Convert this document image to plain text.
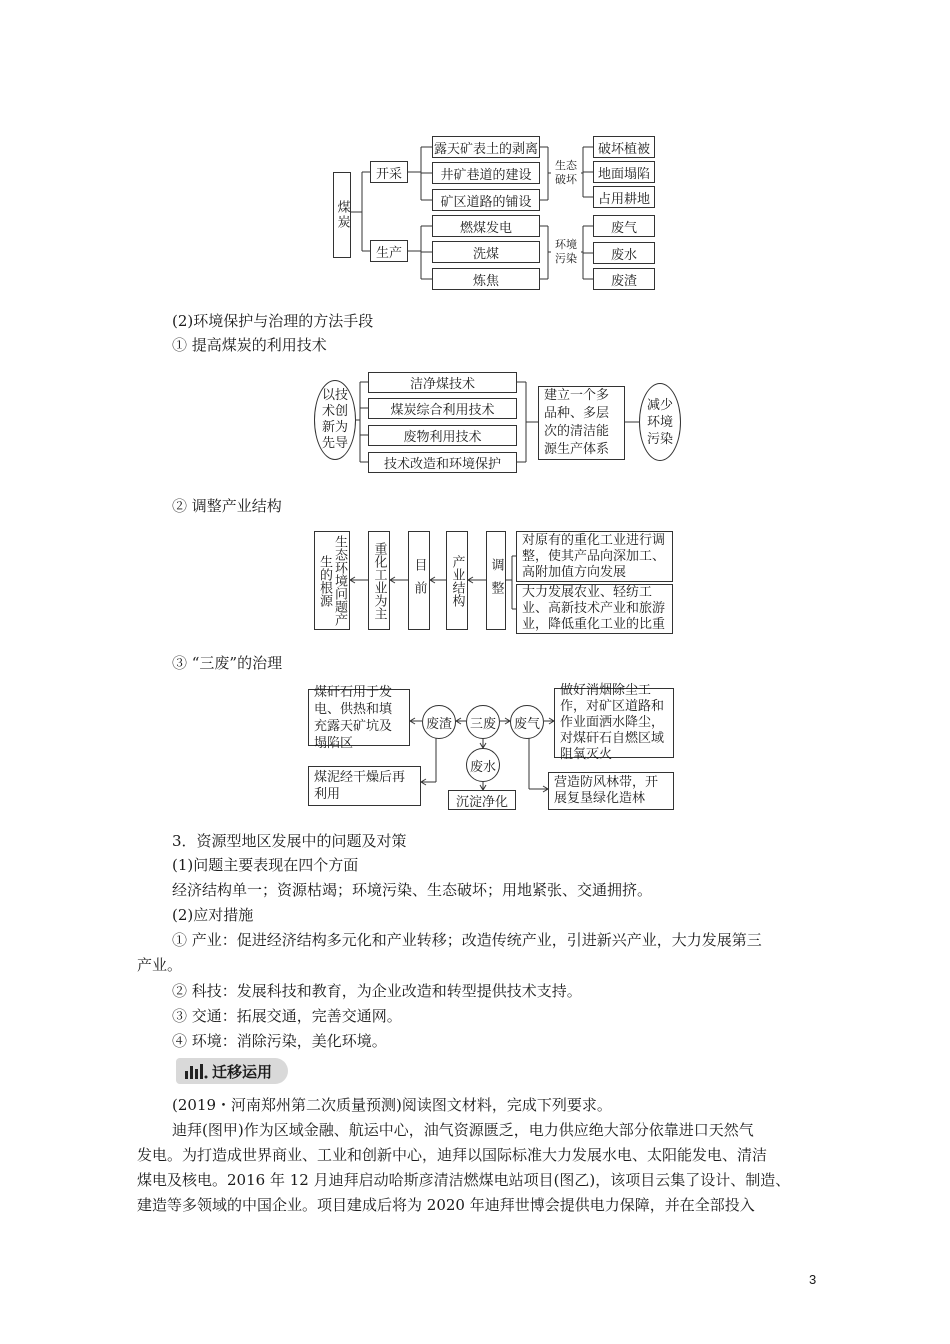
煤炭
开采
生产
露天矿表土的剥离
井矿巷道的建设
矿区道路的铺设
燃煤发电
洗煤
炼焦
生态破坏
环境污染
破坏植被
地面塌陷
占用耕地
废气
废水
废渣
(2)环境保护与治理的方法手段
① 提高煤炭的利用技术
以技术创新为先导
洁净煤技术
煤炭综合利用技术
废物利用技术
技术改造和环境保护
建立一个多品种、多层次的清洁能源生产体系
减少环境污染
② 调整产业结构
生态环境问题产生的根源	重化工业为主 目前 产业结构 调整
对原有的重化工业进行调整，使其产品向深加工、高附加值方向发展
大力发展农业、轻纺工业、高新技术产业和旅游业，降低重化工业的比重
③ “三废”的治理
煤矸石用于发电、供热和填充露天矿坑及塌陷区
煤泥经干燥后再利用
废渣	三废	废气
废水
沉淀净化
做好消烟除尘工作，对矿区道路和作业面洒水降尘，对煤矸石自燃区域阻氧灭火
营造防风林带，开展复垦绿化造林
3．资源型地区发展中的问题及对策
(1)问题主要表现在四个方面
经济结构单一；资源枯竭；环境污染、生态破坏；用地紧张、交通拥挤。
(2)应对措施
① 产业：促进经济结构多元化和产业转移；改造传统产业，引进新兴产业，大力发展第三
产业。
② 科技：发展科技和教育，为企业改造和转型提供技术支持。
③ 交通：拓展交通，完善交通网。
④ 环境：消除污染，美化环境。
迁移运用
(2019・河南郑州第二次质量预测)阅读图文材料，完成下列要求。
迪拜(图甲)作为区域金融、航运中心，油气资源匮乏，电力供应绝大部分依靠进口天然气
发电。为打造成世界商业、工业和创新中心，迪拜以国际标准大力发展水电、太阳能发电、清洁
煤电及核电。2016 年 12 月迪拜启动哈斯彦清洁燃煤电站项目(图乙)，该项目云集了设计、制造、
建造等多领域的中国企业。项目建成后将为 2020 年迪拜世博会提供电力保障，并在全部投入
3
